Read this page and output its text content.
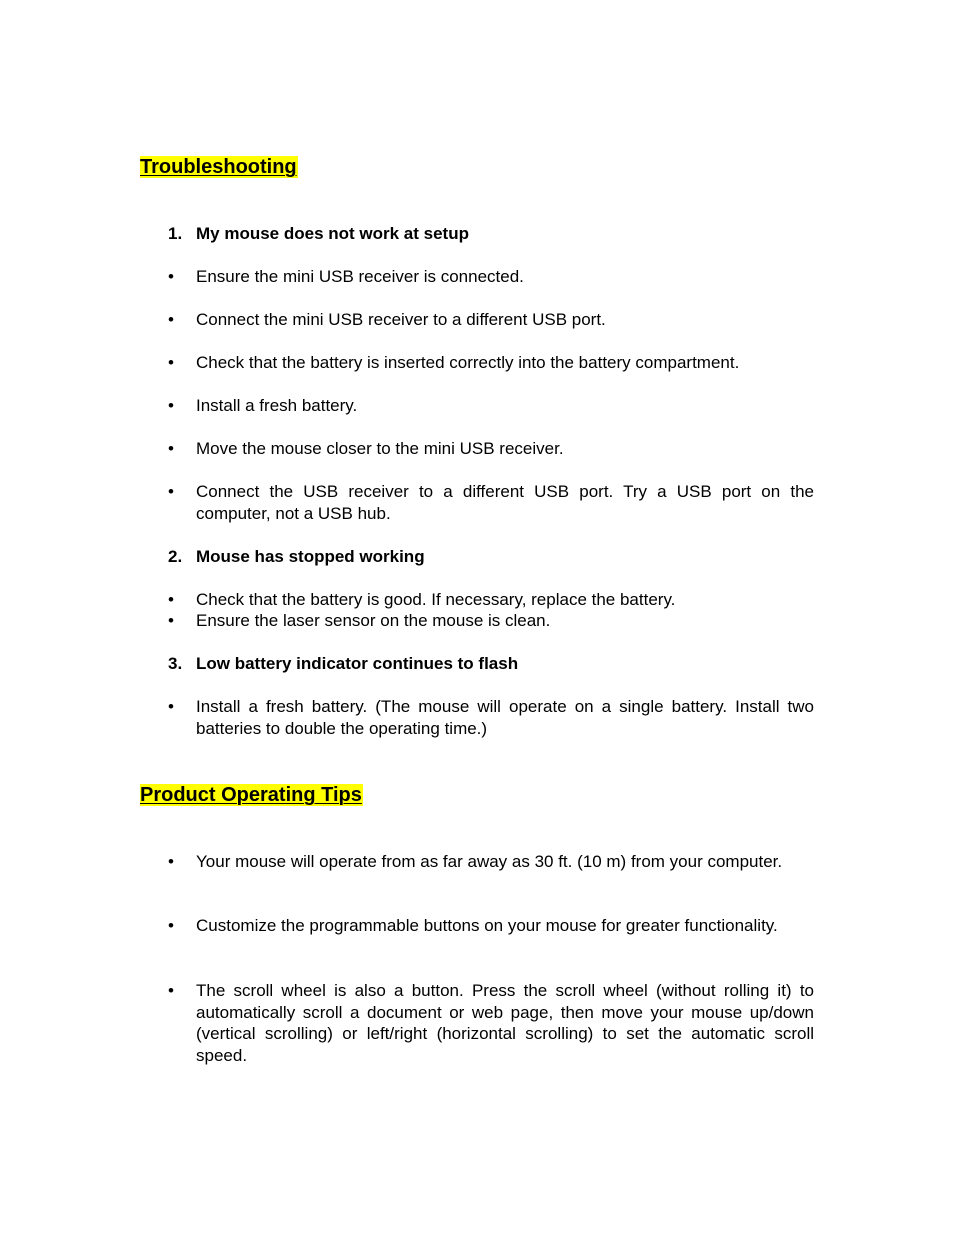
Troubleshooting
1. My mouse does not work at setup
•	Ensure the mini USB receiver is connected.
•	Connect the mini USB receiver to a different USB port.
•	Check that the battery is inserted correctly into the battery compartment.
•	Install a fresh battery.
•	Move the mouse closer to the mini USB receiver.
•	Connect the USB receiver to a different USB port. Try a USB port on the computer, not a USB hub.
2. Mouse has stopped working
•	Check that the battery is good. If necessary, replace the battery.
•	Ensure the laser sensor on the mouse is clean.
3. Low battery indicator continues to flash
•	Install a fresh battery. (The mouse will operate on a single battery. Install two batteries to double the operating time.)
Product Operating Tips
•	Your mouse will operate from as far away as 30 ft. (10 m) from your computer.
•	Customize the programmable buttons on your mouse for greater functionality.
•	The scroll wheel is also a button. Press the scroll wheel (without rolling it) to automatically scroll a document or web page, then move your mouse up/down (vertical scrolling) or left/right (horizontal scrolling) to set the automatic scroll speed.
